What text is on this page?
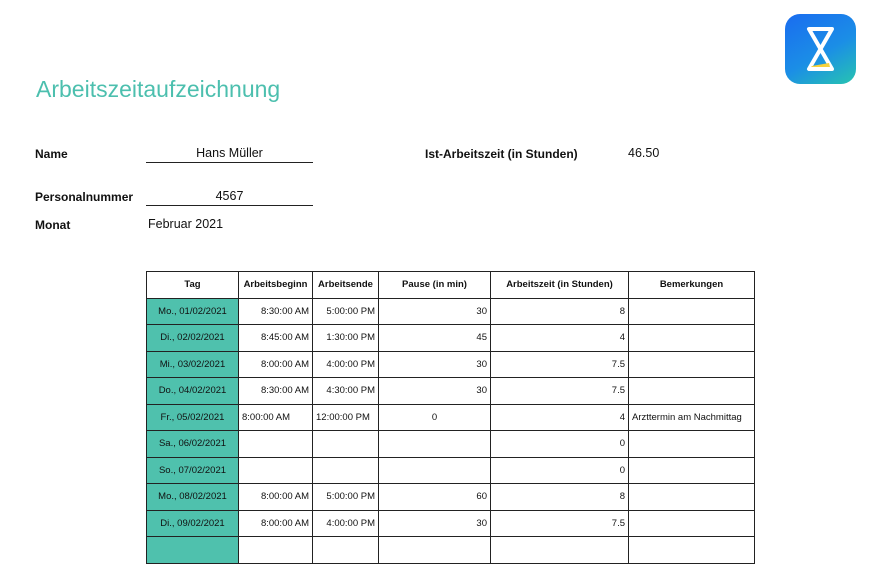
Arbeitszeitaufzeichnung
Name	Hans Müller
Personalnummer	4567
Monat	Februar 2021
Ist-Arbeitszeit (in Stunden)	46.50
Tag	Arbeitsbeginn	Arbeitsende	Pause (in min)	Arbeitszeit (in Stunden)	Bemerkungen
Mo., 01/02/2021	8:30:00 AM	5:00:00 PM	30	8	
Di., 02/02/2021	8:45:00 AM	1:30:00 PM	45	4	
Mi., 03/02/2021	8:00:00 AM	4:00:00 PM	30	7.5	
Do., 04/02/2021	8:30:00 AM	4:30:00 PM	30	7.5	
Fr., 05/02/2021	8:00:00 AM	12:00:00 PM	0	4	Arzttermin am Nachmittag
Sa., 06/02/2021				0	
So., 07/02/2021				0	
Mo., 08/02/2021	8:00:00 AM	5:00:00 PM	60	8	
Di., 09/02/2021	8:00:00 AM	4:00:00 PM	30	7.5	
